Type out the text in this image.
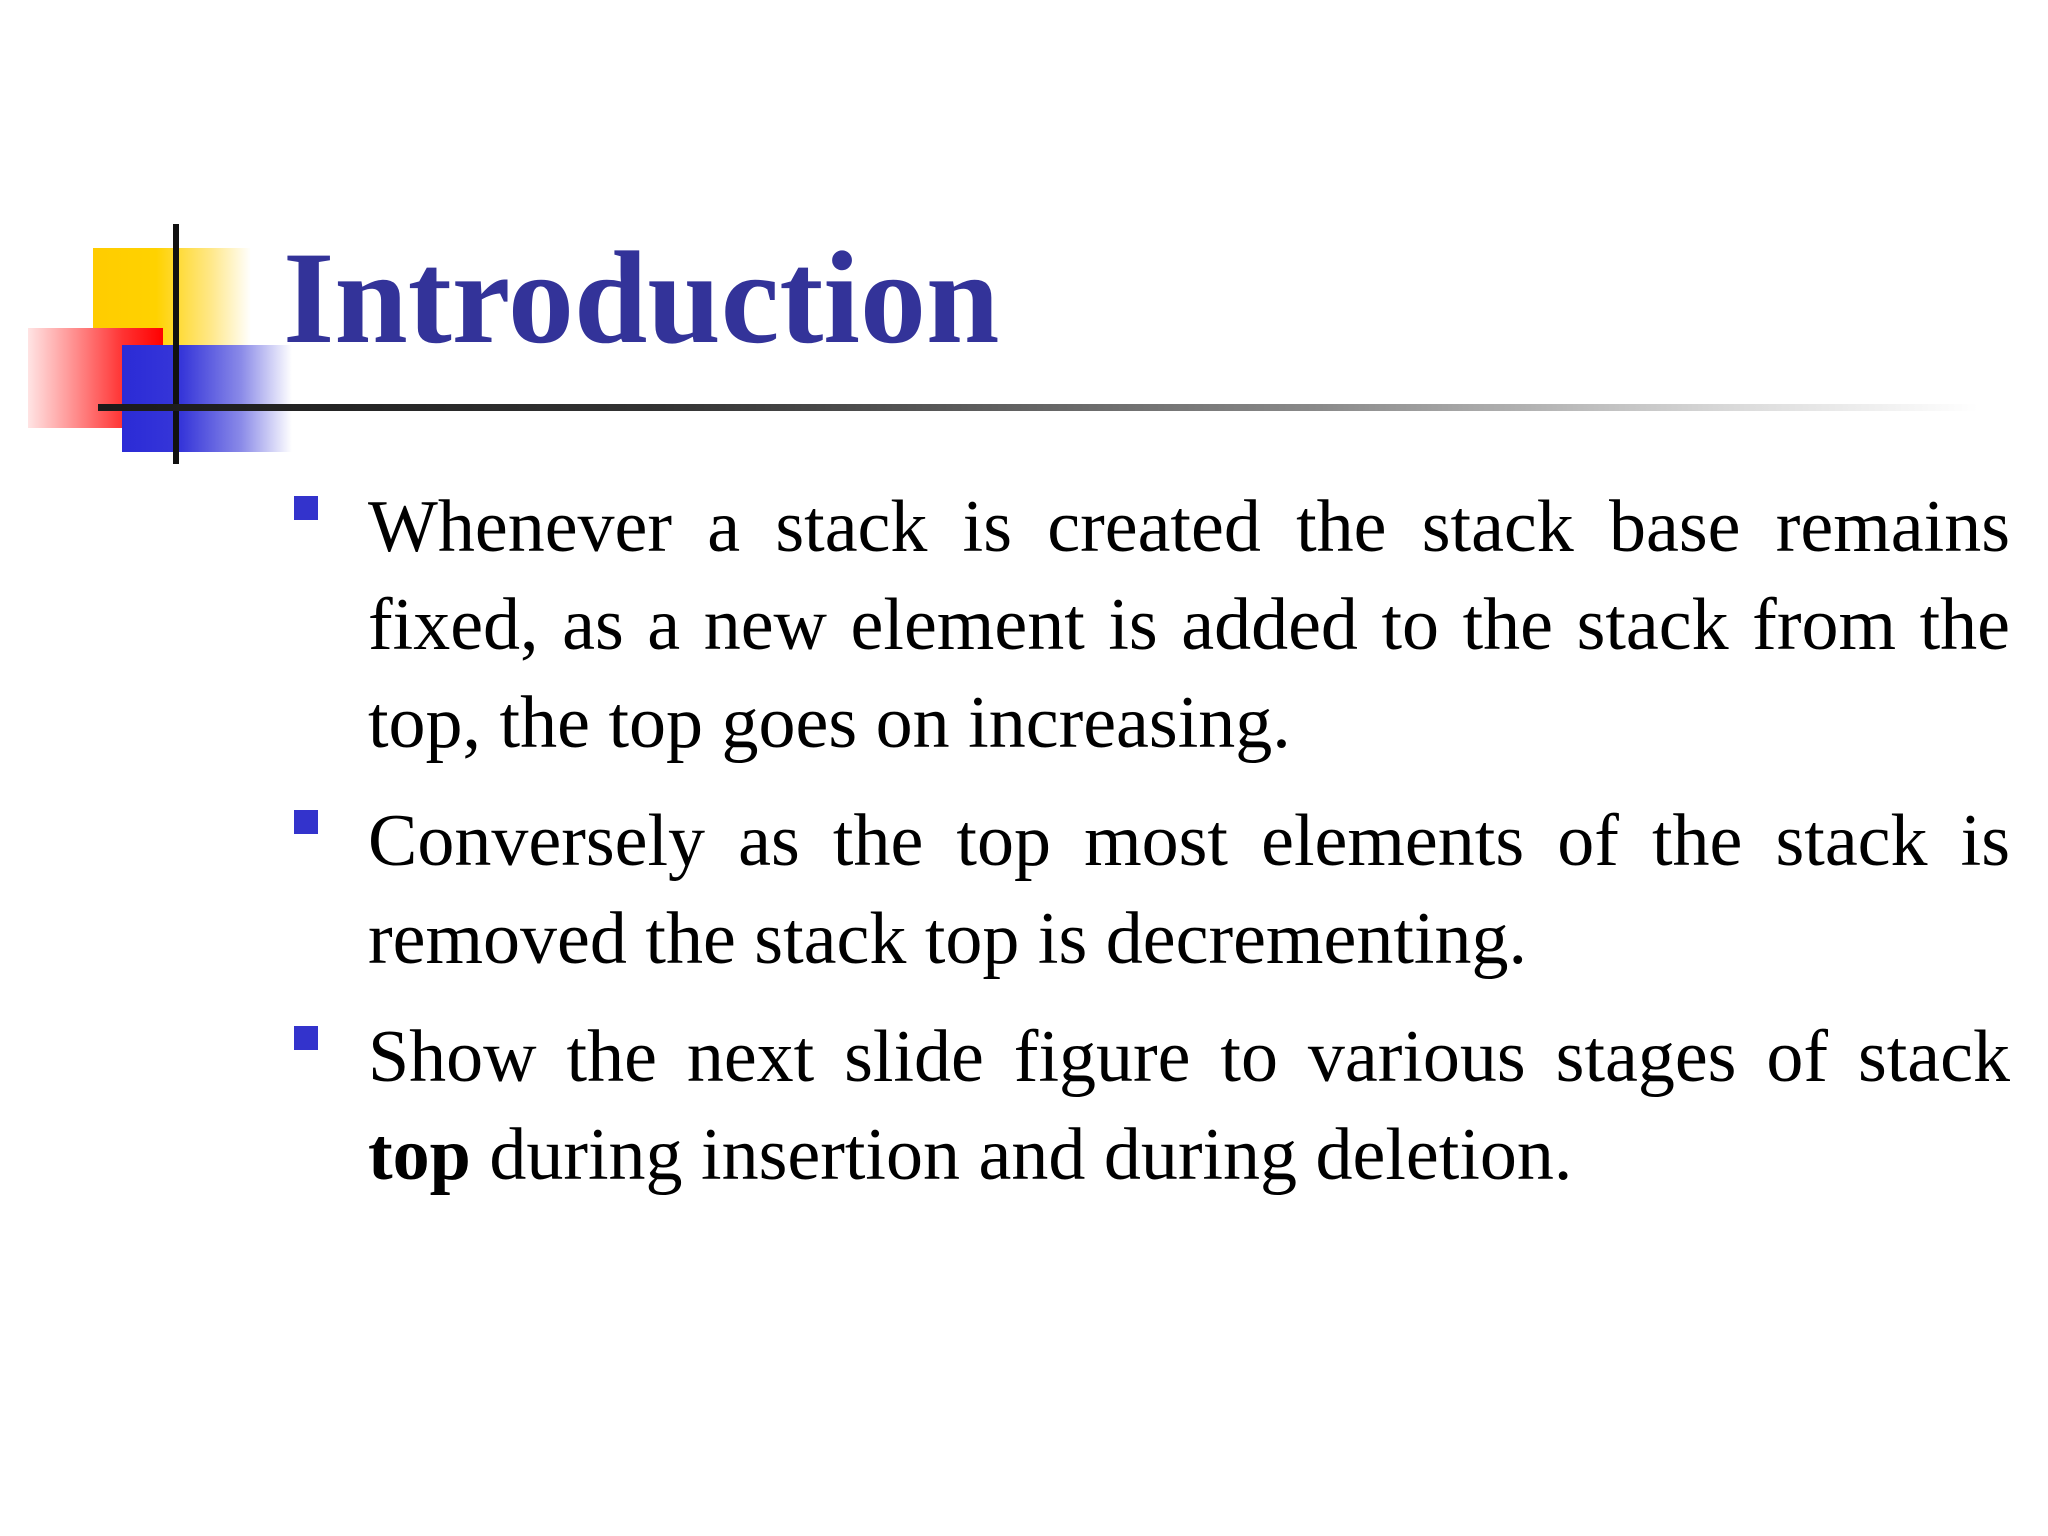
Introduction
Whenever a stack is created the stack base remains fixed, as a new element is added to the stack from the top, the top goes on increasing.
Conversely as the top most elements of the stack is removed the stack top is decrementing.
Show the next slide figure to various stages of stack top during insertion and during deletion.
